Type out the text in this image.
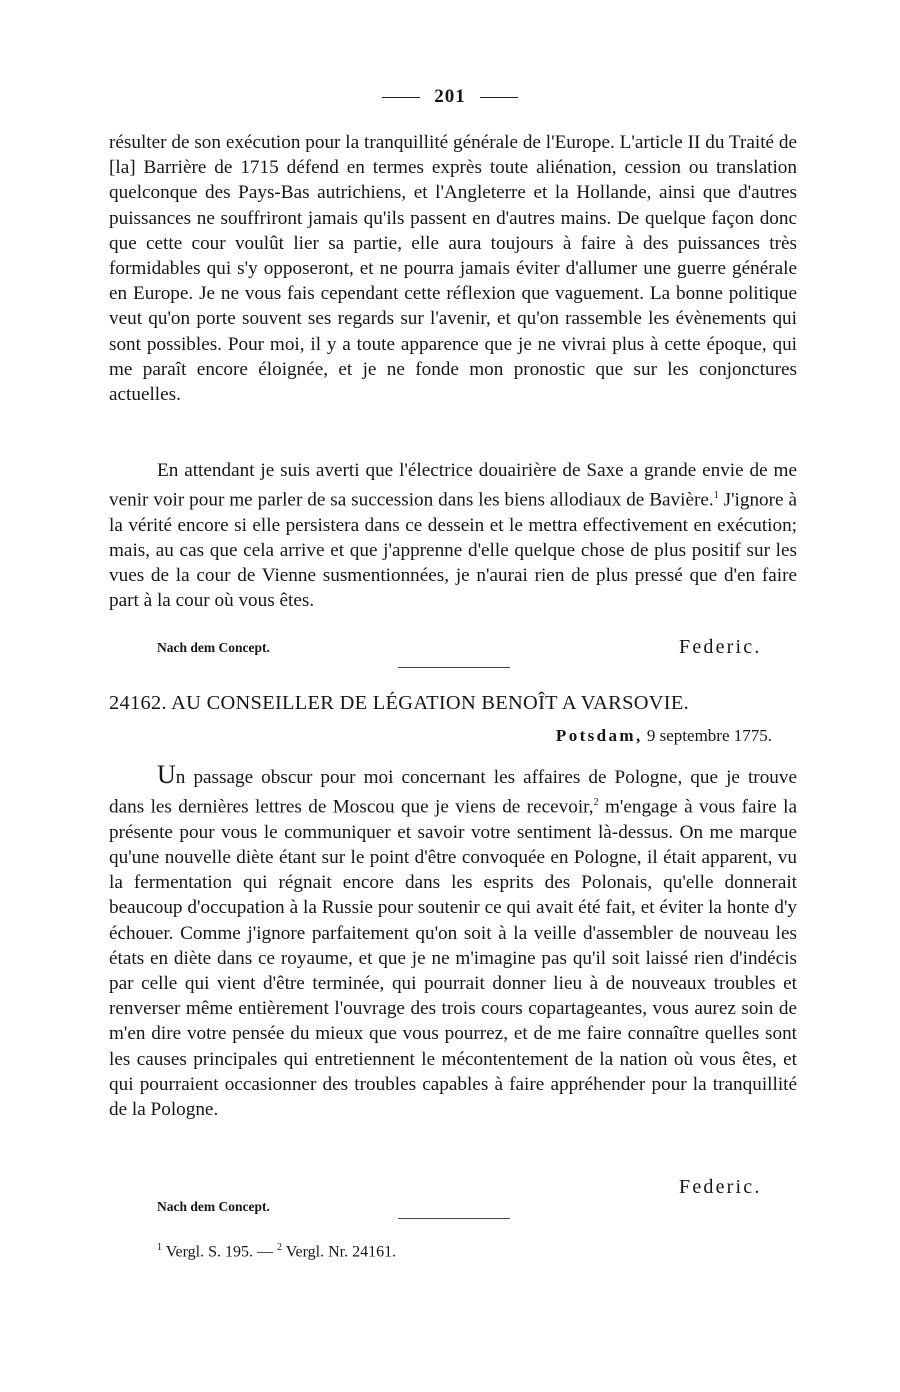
201

résulter de son exécution pour la tranquillité générale de l'Europe. L'article II du Traité de [la] Barrière de 1715 défend en termes exprès toute aliénation, cession ou translation quelconque des Pays-Bas autrichiens, et l'Angleterre et la Hollande, ainsi que d'autres puissances ne souffriront jamais qu'ils passent en d'autres mains. De quelque façon donc que cette cour voulût lier sa partie, elle aura toujours à faire à des puissances très formidables qui s'y opposeront, et ne pourra jamais éviter d'allumer une guerre générale en Europe. Je ne vous fais cependant cette réflexion que vaguement. La bonne politique veut qu'on porte souvent ses regards sur l'avenir, et qu'on rassemble les évènements qui sont possibles. Pour moi, il y a toute apparence que je ne vivrai plus à cette époque, qui me paraît encore éloignée, et je ne fonde mon pronostic que sur les conjonctures actuelles.

En attendant je suis averti que l'électrice douairière de Saxe a grande envie de me venir voir pour me parler de sa succession dans les biens allodiaux de Bavière.$^1$ J'ignore à la vérité encore si elle persistera dans ce dessein et le mettra effectivement en exécution; mais, au cas que cela arrive et que j'apprenne d'elle quelque chose de plus positif sur les vues de la cour de Vienne susmentionnées, je n'aurai rien de plus pressé que d'en faire part à la cour où vous êtes.

Nach dem Concept.	Federic.
24162. AU CONSEILLER DE LÉGATION BENOÎT A VARSOVIE.
Potsdam, 9 septembre 1775.

Un passage obscur pour moi concernant les affaires de Pologne, que je trouve dans les dernières lettres de Moscou que je viens de recevoir,$^2$ m'engage à vous faire la présente pour vous le communiquer et savoir votre sentiment là-dessus. On me marque qu'une nouvelle diète étant sur le point d'être convoquée en Pologne, il était apparent, vu la fermentation qui régnait encore dans les esprits des Polonais, qu'elle donnerait beaucoup d'occupation à la Russie pour soutenir ce qui avait été fait, et éviter la honte d'y échouer. Comme j'ignore parfaitement qu'on soit à la veille d'assembler de nouveau les états en diète dans ce royaume, et que je ne m'imagine pas qu'il soit laissé rien d'indécis par celle qui vient d'être terminée, qui pourrait donner lieu à de nouveaux troubles et renverser même entièrement l'ouvrage des trois cours copartageantes, vous aurez soin de m'en dire votre pensée du mieux que vous pourrez, et de me faire connaître quelles sont les causes principales qui entretiennent le mécontentement de la nation où vous êtes, et qui pourraient occasionner des troubles capables à faire appréhender pour la tranquillité de la Pologne.

Federic.
Nach dem Concept.
$^1$ Vergl. S. 195. — $^2$ Vergl. Nr. 24161.
